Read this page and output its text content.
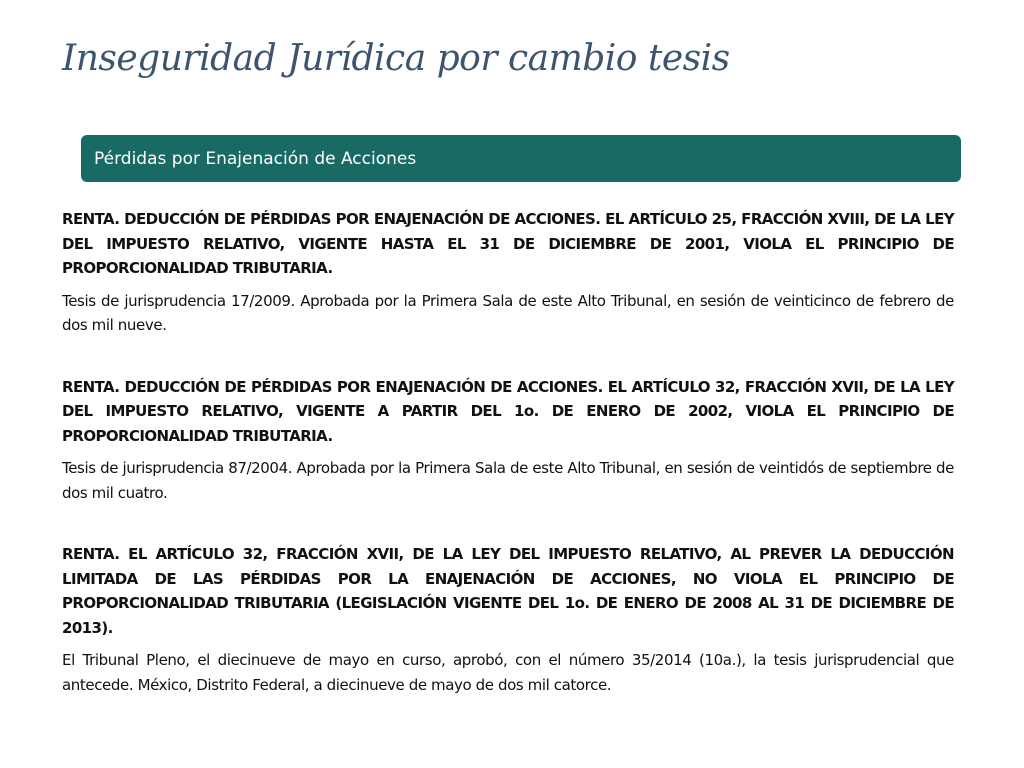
Inseguridad Jurídica por cambio tesis
Pérdidas por Enajenación de Acciones

RENTA. DEDUCCIÓN DE PÉRDIDAS POR ENAJENACIÓN DE ACCIONES. EL ARTÍCULO 25, FRACCIÓN XVIII, DE LA LEY DEL IMPUESTO RELATIVO, VIGENTE HASTA EL 31 DE DICIEMBRE DE 2001, VIOLA EL PRINCIPIO DE PROPORCIONALIDAD TRIBUTARIA.

Tesis de jurisprudencia 17/2009. Aprobada por la Primera Sala de este Alto Tribunal, en sesión de veinticinco de febrero de dos mil nueve.

RENTA. DEDUCCIÓN DE PÉRDIDAS POR ENAJENACIÓN DE ACCIONES. EL ARTÍCULO 32, FRACCIÓN XVII, DE LA LEY DEL IMPUESTO RELATIVO, VIGENTE A PARTIR DEL 1o. DE ENERO DE 2002, VIOLA EL PRINCIPIO DE PROPORCIONALIDAD TRIBUTARIA.

Tesis de jurisprudencia 87/2004. Aprobada por la Primera Sala de este Alto Tribunal, en sesión de veintidós de septiembre de dos mil cuatro.

RENTA. EL ARTÍCULO 32, FRACCIÓN XVII, DE LA LEY DEL IMPUESTO RELATIVO, AL PREVER LA DEDUCCIÓN LIMITADA DE LAS PÉRDIDAS POR LA ENAJENACIÓN DE ACCIONES, NO VIOLA EL PRINCIPIO DE PROPORCIONALIDAD TRIBUTARIA (LEGISLACIÓN VIGENTE DEL 1o. DE ENERO DE 2008 AL 31 DE DICIEMBRE DE 2013).

El Tribunal Pleno, el diecinueve de mayo en curso, aprobó, con el número 35/2014 (10a.), la tesis jurisprudencial que antecede. México, Distrito Federal, a diecinueve de mayo de dos mil catorce.
